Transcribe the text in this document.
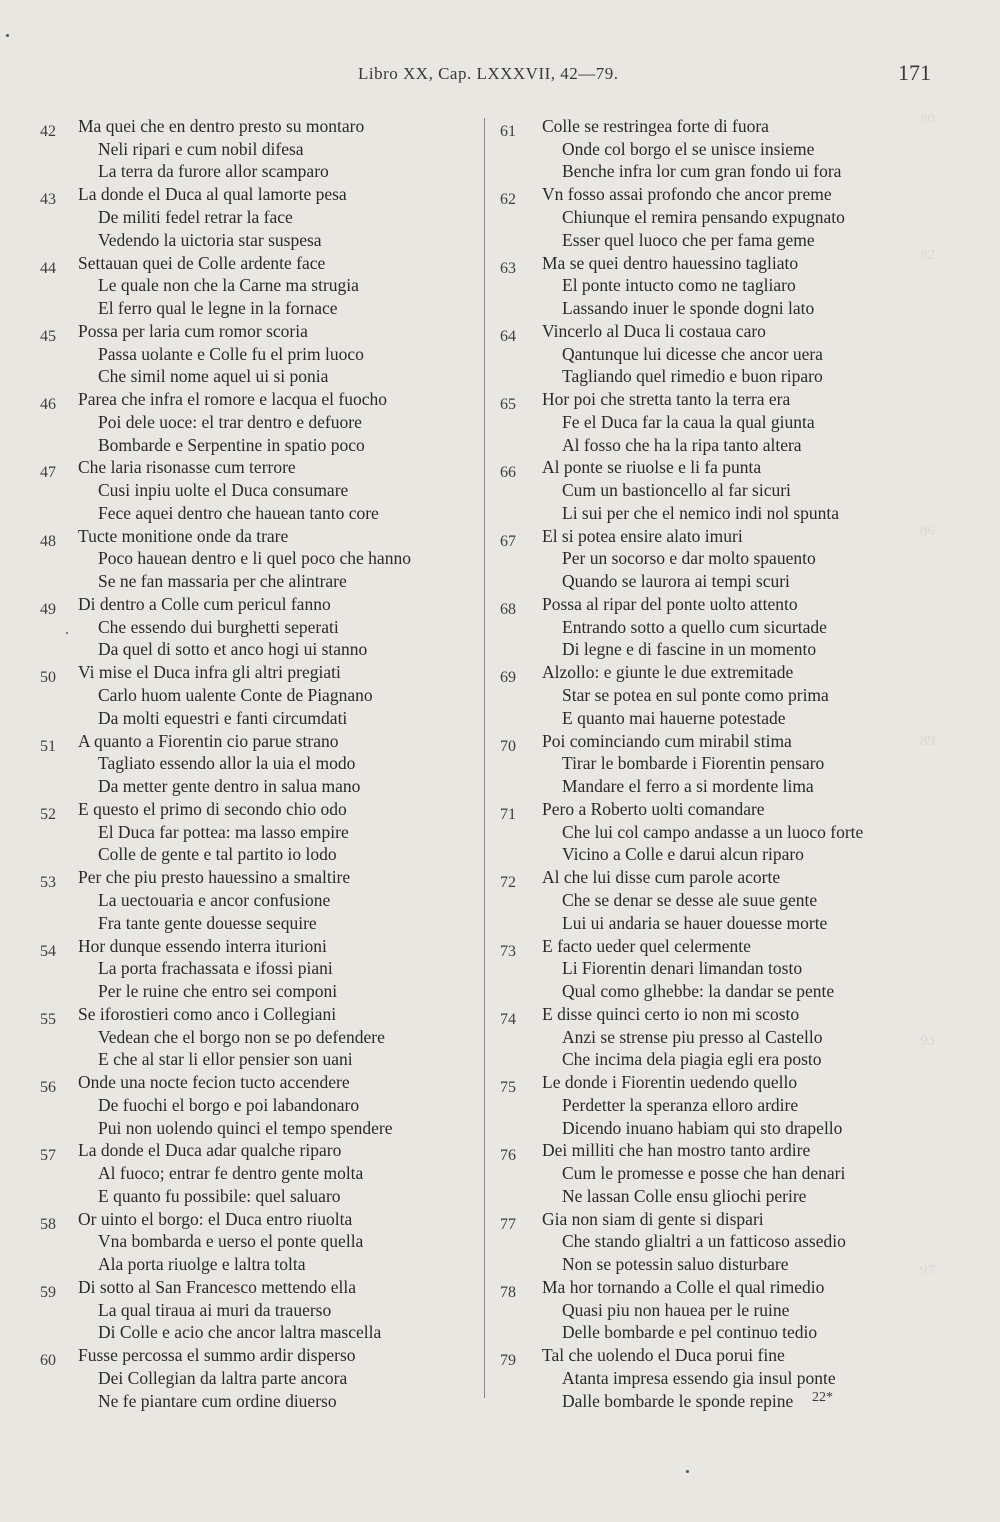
80
82
86
89
93
97
Libro XX, Cap. LXXXVII, 42—79.	171
42 Ma quei che en dentro presto su montaro
Neli ripari e cum nobil difesa
La terra da furore allor scamparo
43 La donde el Duca al qual lamorte pesa
De militi fedel retrar la face
Vedendo la uictoria star suspesa
44 Settauan quei de Colle ardente face
Le quale non che la Carne ma strugia
El ferro qual le legne in la fornace
45 Possa per laria cum romor scoria
Passa uolante e Colle fu el prim luoco
Che simil nome aquel ui si ponia
46 Parea che infra el romore e lacqua el fuocho
Poi dele uoce: el trar dentro e defuore
Bombarde e Serpentine in spatio poco
47 Che laria risonasse cum terrore
Cusi inpiu uolte el Duca consumare
Fece aquei dentro che hauean tanto core
48 Tucte monitione onde da trare
Poco hauean dentro e li quel poco che hanno
Se ne fan massaria per che alintrare
49 Di dentro a Colle cum pericul fanno
Che essendo dui burghetti seperati
Da quel di sotto et anco hogi ui stanno
50 Vi mise el Duca infra gli altri pregiati
Carlo huom ualente Conte de Piagnano
Da molti equestri e fanti circumdati
51 A quanto a Fiorentin cio parue strano
Tagliato essendo allor la uia el modo
Da metter gente dentro in salua mano
52 E questo el primo di secondo chio odo
El Duca far pottea: ma lasso empire
Colle de gente e tal partito io lodo
53 Per che piu presto hauessino a smaltire
La uectouaria e ancor confusione
Fra tante gente douesse sequire
54 Hor dunque essendo interra iturioni
La porta frachassata e ifossi piani
Per le ruine che entro sei componi
55 Se iforostieri como anco i Collegiani
Vedean che el borgo non se po defendere
E che al star li ellor pensier son uani
56 Onde una nocte fecion tucto accendere
De fuochi el borgo e poi labandonaro
Pui non uolendo quinci el tempo spendere
57 La donde el Duca adar qualche riparo
Al fuoco; entrar fe dentro gente molta
E quanto fu possibile: quel saluaro
58 Or uinto el borgo: el Duca entro riuolta
Vna bombarda e uerso el ponte quella
Ala porta riuolge e laltra tolta
59 Di sotto al San Francesco mettendo ella
La qual tiraua ai muri da trauerso
Di Colle e acio che ancor laltra mascella
60 Fusse percossa el summo ardir disperso
Dei Collegian da laltra parte ancora
Ne fe piantare cum ordine diuerso
61 Colle se restringea forte di fuora
Onde col borgo el se unisce insieme
Benche infra lor cum gran fondo ui fora
62 Vn fosso assai profondo che ancor preme
Chiunque el remira pensando expugnato
Esser quel luoco che per fama geme
63 Ma se quei dentro hauessino tagliato
El ponte intucto como ne tagliaro
Lassando inuer le sponde dogni lato
64 Vincerlo al Duca li costaua caro
Qantunque lui dicesse che ancor uera
Tagliando quel rimedio e buon riparo
65 Hor poi che stretta tanto la terra era
Fe el Duca far la caua la qual giunta
Al fosso che ha la ripa tanto altera
66 Al ponte se riuolse e li fa punta
Cum un bastioncello al far sicuri
Li sui per che el nemico indi nol spunta
67 El si potea ensire alato imuri
Per un socorso e dar molto spauento
Quando se laurora ai tempi scuri
68 Possa al ripar del ponte uolto attento
Entrando sotto a quello cum sicurtade
Di legne e di fascine in un momento
69 Alzollo: e giunte le due extremitade
Star se potea en sul ponte como prima
E quanto mai hauerne potestade
70 Poi cominciando cum mirabil stima
Tirar le bombarde i Fiorentin pensaro
Mandare el ferro a si mordente lima
71 Pero a Roberto uolti comandare
Che lui col campo andasse a un luoco forte
Vicino a Colle e darui alcun riparo
72 Al che lui disse cum parole acorte
Che se denar se desse ale suue gente
Lui ui andaria se hauer douesse morte
73 E facto ueder quel celermente
Li Fiorentin denari limandan tosto
Qual como glhebbe: la dandar se pente
74 E disse quinci certo io non mi scosto
Anzi se strense piu presso al Castello
Che incima dela piagia egli era posto
75 Le donde i Fiorentin uedendo quello
Perdetter la speranza elloro ardire
Dicendo inuano habiam qui sto drapello
76 Dei milliti che han mostro tanto ardire
Cum le promesse e posse che han denari
Ne lassan Colle ensu gliochi perire
77 Gia non siam di gente si dispari
Che stando glialtri a un fatticoso assedio
Non se potessin saluo disturbare
78 Ma hor tornando a Colle el qual rimedio
Quasi piu non hauea per le ruine
Delle bombarde e pel continuo tedio
79 Tal che uolendo el Duca porui fine
Atanta impresa essendo gia insul ponte
Dalle bombarde le sponde repine 22*
